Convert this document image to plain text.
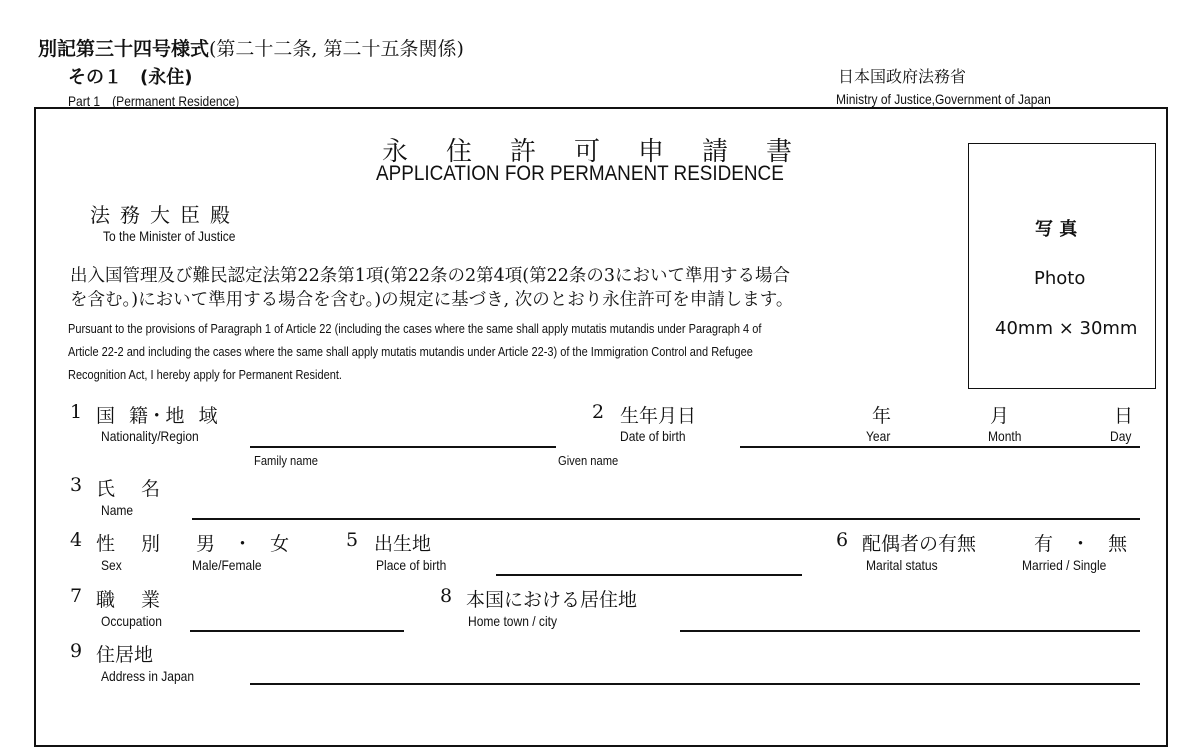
別記第三十四号様式(第二十二条, 第二十五条関係)
その１　(永住)
Part 1　(Permanent Residence)
日本国政府法務省
Ministry of Justice,Government of Japan
永住許可申請書
APPLICATION FOR PERMANENT RESIDENCE
法務大臣殿
To the Minister of Justice
出入国管理及び難民認定法第22条第1項(第22条の2第4項(第22条の3において準用する場合
を含む。)において準用する場合を含む。)の規定に基づき, 次のとおり永住許可を申請します。
Pursuant to the provisions of Paragraph 1 of Article 22 (including the cases where the same shall apply mutatis mutandis under Paragraph 4 of
Article 22-2 and including the cases where the same shall apply mutatis mutandis under Article 22-3) of the Immigration Control and Refugee
Recognition Act, I hereby apply for Permanent Resident.
写 真
Photo
40mm × 30mm
1 国 籍･地 域
Nationality/Region
2 生年月日
Date of birth
年
Year
月
Month
日
Day
Family name	Given name
3 氏 名
Name
4 性 別
Sex
男 ・ 女
Male/Female
5 出生地
Place of birth
6 配偶者の有無
Marital status
有 ・ 無
Married / Single
7 職 業
Occupation
8 本国における居住地
Home town / city
9 住居地
Address in Japan
